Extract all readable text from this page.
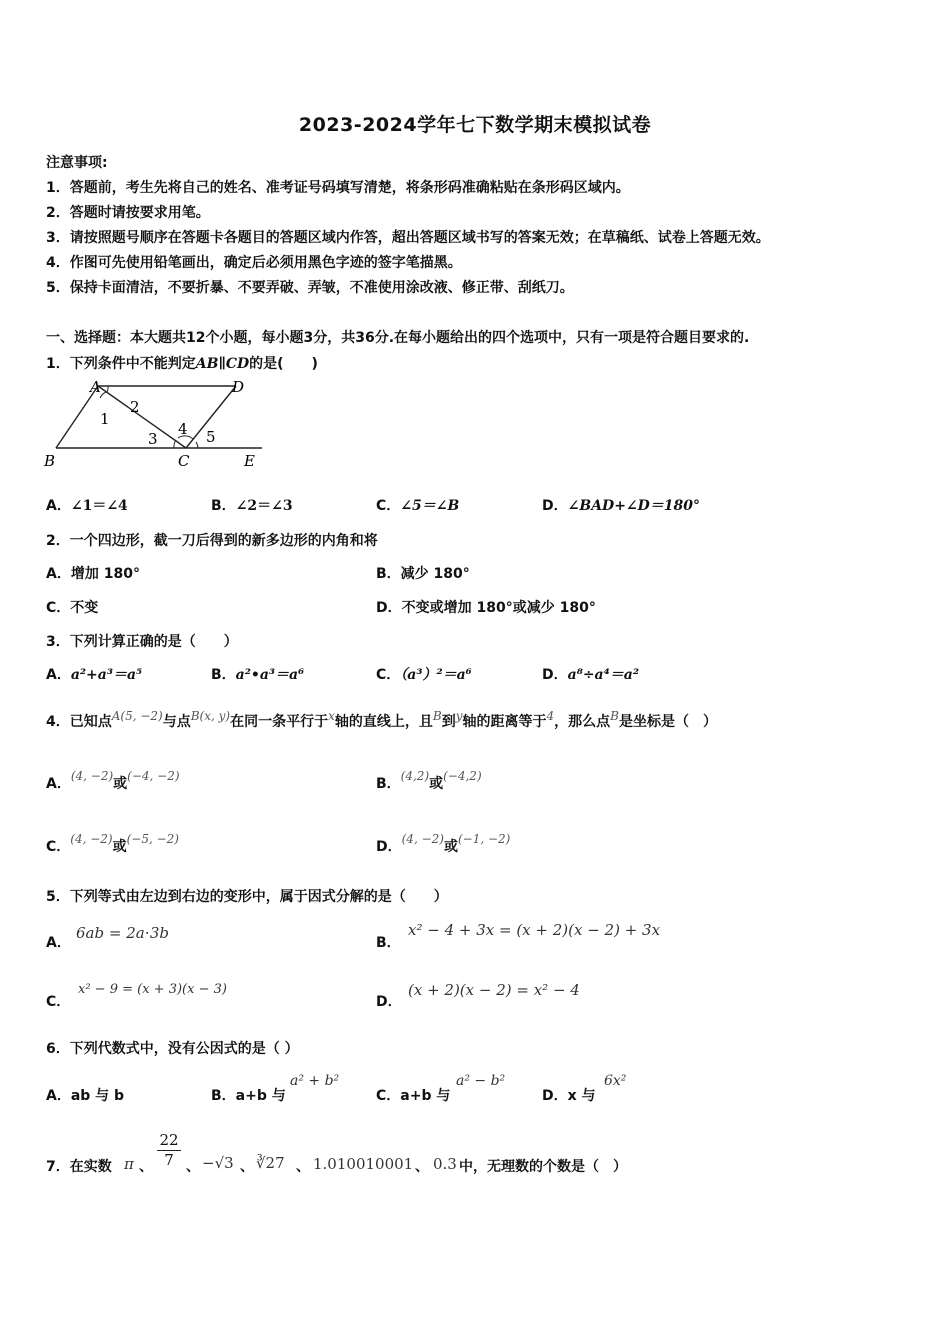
2023-2024学年七下数学期末模拟试卷
注意事项:
1．答题前，考生先将自己的姓名、准考证号码填写清楚，将条形码准确粘贴在条形码区域内。
2．答题时请按要求用笔。
3．请按照题号顺序在答题卡各题目的答题区域内作答，超出答题区域书写的答案无效；在草稿纸、试卷上答题无效。
4．作图可先使用铅笔画出，确定后必须用黑色字迹的签字笔描黑。
5．保持卡面清洁，不要折暴、不要弄破、弄皱，不准使用涂改液、修正带、刮纸刀。
一、选择题：本大题共12个小题，每小题3分，共36分.在每小题给出的四个选项中，只有一项是符合题目要求的.
1．下列条件中不能判定AB∥CD的是(　　)
A	D
B	C	E
1
2
3
4 5
A．∠1＝∠4	B．∠2＝∠3	C．∠5＝∠B	D．∠BAD+∠D＝180°
2．一个四边形，截一刀后得到的新多边形的内角和将
A．增加 180°	B．减少 180°
C．不变	D．不变或增加 180°或减少 180°
3．下列计算正确的是（　　）
A．a²+a³＝a⁵	B．a²•a³＝a⁶	C．（a³）²＝a⁶	D．a⁸÷a⁴＝a²
4．已知点A(5, −2)与点B(x, y)在同一条平行于x轴的直线上，且B到y轴的距离等于4，那么点B是坐标是（　）
A．(4, −2)或(−4, −2)	B．(4,2)或(−4,2)
C．(4, −2)或(−5, −2)	D．(4, −2)或(−1, −2)
5．下列等式由左边到右边的变形中，属于因式分解的是（　　）
A．
6ab = 2a⋅3b
B．
x² − 4 + 3x = (x + 2)(x − 2) + 3x
C．
x² − 9 = (x + 3)(x − 3)
D．
(x + 2)(x − 2) = x² − 4
6．下列代数式中，没有公因式的是（ ）
A．ab 与 b	B．a+b 与
a² + b²
C．a+b 与
a² − b²
D．x 与
6x²
7．在实数 π 、 $\frac{22}{7}$ 、 −√3 、 ∛27 、 1.010010001 、 0.3 中，无理数的个数是（　）
